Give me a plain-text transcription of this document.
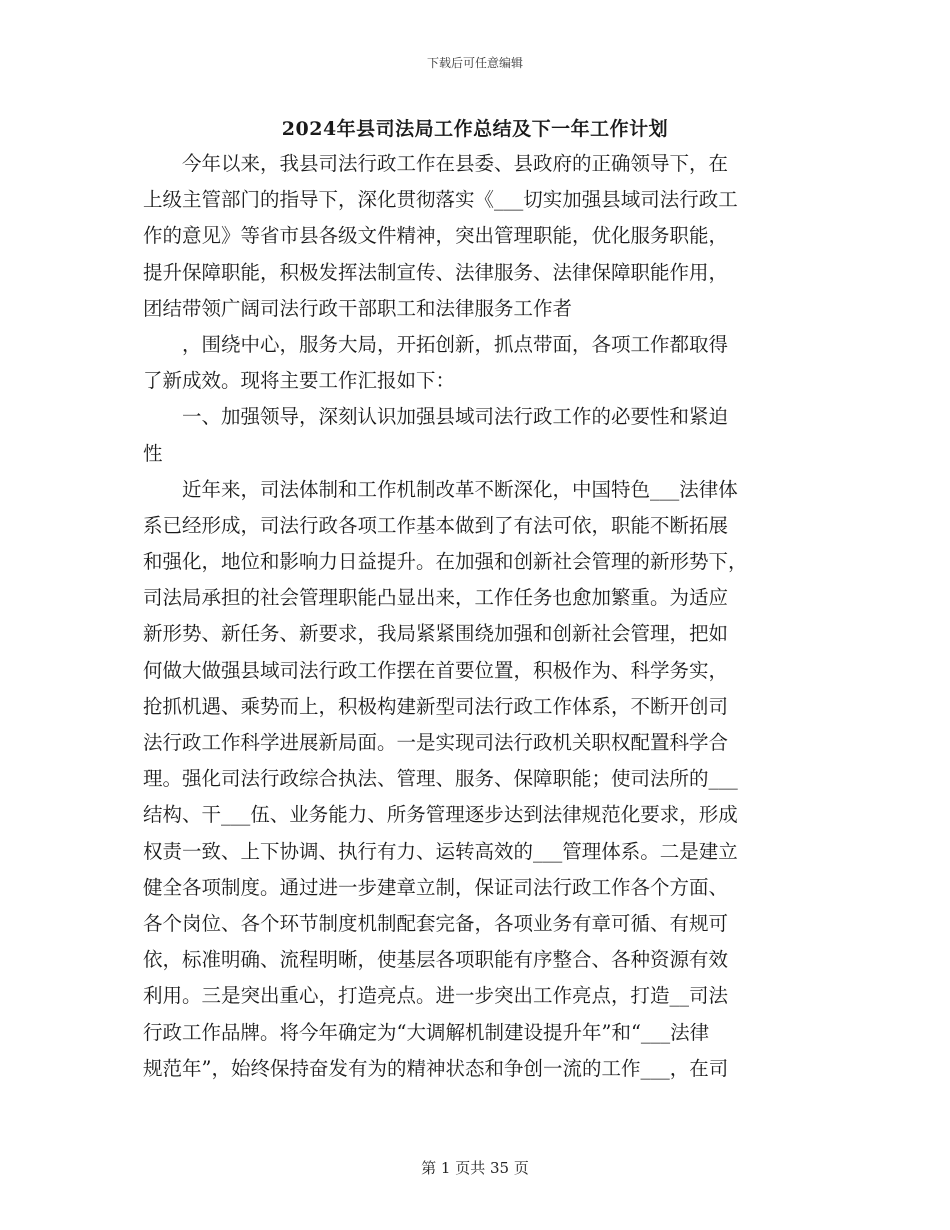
下载后可任意编辑
2024年县司法局工作总结及下一年工作计划
　　今年以来，我县司法行政工作在县委、县政府的正确领导下，在
上级主管部门的指导下，深化贯彻落实《___切实加强县域司法行政工
作的意见》等省市县各级文件精神，突出管理职能，优化服务职能，
提升保障职能，积极发挥法制宣传、法律服务、法律保障职能作用，
团结带领广阔司法行政干部职工和法律服务工作者
　　，围绕中心，服务大局，开拓创新，抓点带面，各项工作都取得
了新成效。现将主要工作汇报如下：
　　一、加强领导，深刻认识加强县域司法行政工作的必要性和紧迫
性
　　近年来，司法体制和工作机制改革不断深化，中国特色___法律体
系已经形成，司法行政各项工作基本做到了有法可依，职能不断拓展
和强化，地位和影响力日益提升。在加强和创新社会管理的新形势下，
司法局承担的社会管理职能凸显出来，工作任务也愈加繁重。为适应
新形势、新任务、新要求，我局紧紧围绕加强和创新社会管理，把如
何做大做强县域司法行政工作摆在首要位置，积极作为、科学务实，
抢抓机遇、乘势而上，积极构建新型司法行政工作体系，不断开创司
法行政工作科学进展新局面。一是实现司法行政机关职权配置科学合
理。强化司法行政综合执法、管理、服务、保障职能；使司法所的___
结构、干___伍、业务能力、所务管理逐步达到法律规范化要求，形成
权责一致、上下协调、执行有力、运转高效的___管理体系。二是建立
健全各项制度。通过进一步建章立制，保证司法行政工作各个方面、
各个岗位、各个环节制度机制配套完备，各项业务有章可循、有规可
依，标准明确、流程明晰，使基层各项职能有序整合、各种资源有效
利用。三是突出重心，打造亮点。进一步突出工作亮点，打造__司法
行政工作品牌。将今年确定为“大调解机制建设提升年”和“___法律
规范年”，始终保持奋发有为的精神状态和争创一流的工作___，在司
第 1 页共 35 页
